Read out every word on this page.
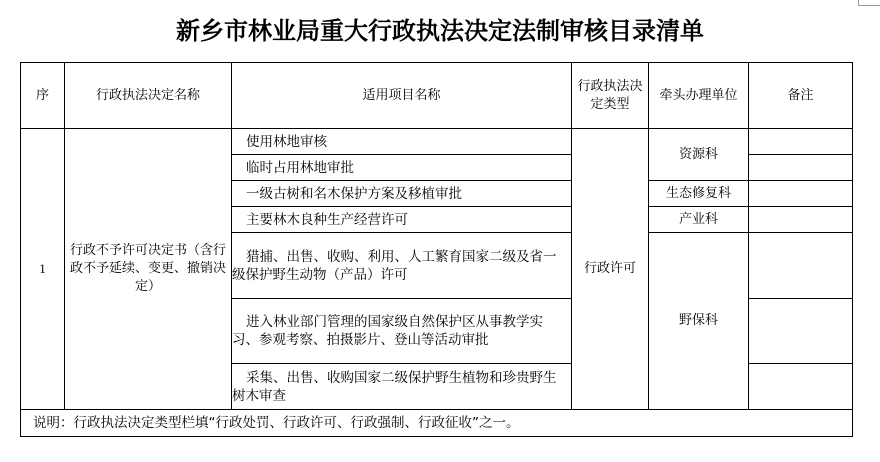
新乡市林业局重大行政执法决定法制审核目录清单
序	行政执法决定名称	适用项目名称	行政执法决定类型	牵头办理单位	备注
1	行政不予许可决定书（含行政不予延续、变更、撤销决定）	使用林地审核	行政许可	资源科	
		临时占用林地审批			
		一级古树和名木保护方案及移植审批		生态修复科	
		主要林木良种生产经营许可		产业科	
		猎捕、出售、收购、利用、人工繁育国家二级及省一
级保护野生动物（产品）许可		野保科	
		进入林业部门管理的国家级自然保护区从事教学实
习、参观考察、拍摄影片、登山等活动审批			
		采集、出售、收购国家二级保护野生植物和珍贵野生
树木审查			
说明：行政执法决定类型栏填“行政处罚、行政许可、行政强制、行政征收”之一。					
